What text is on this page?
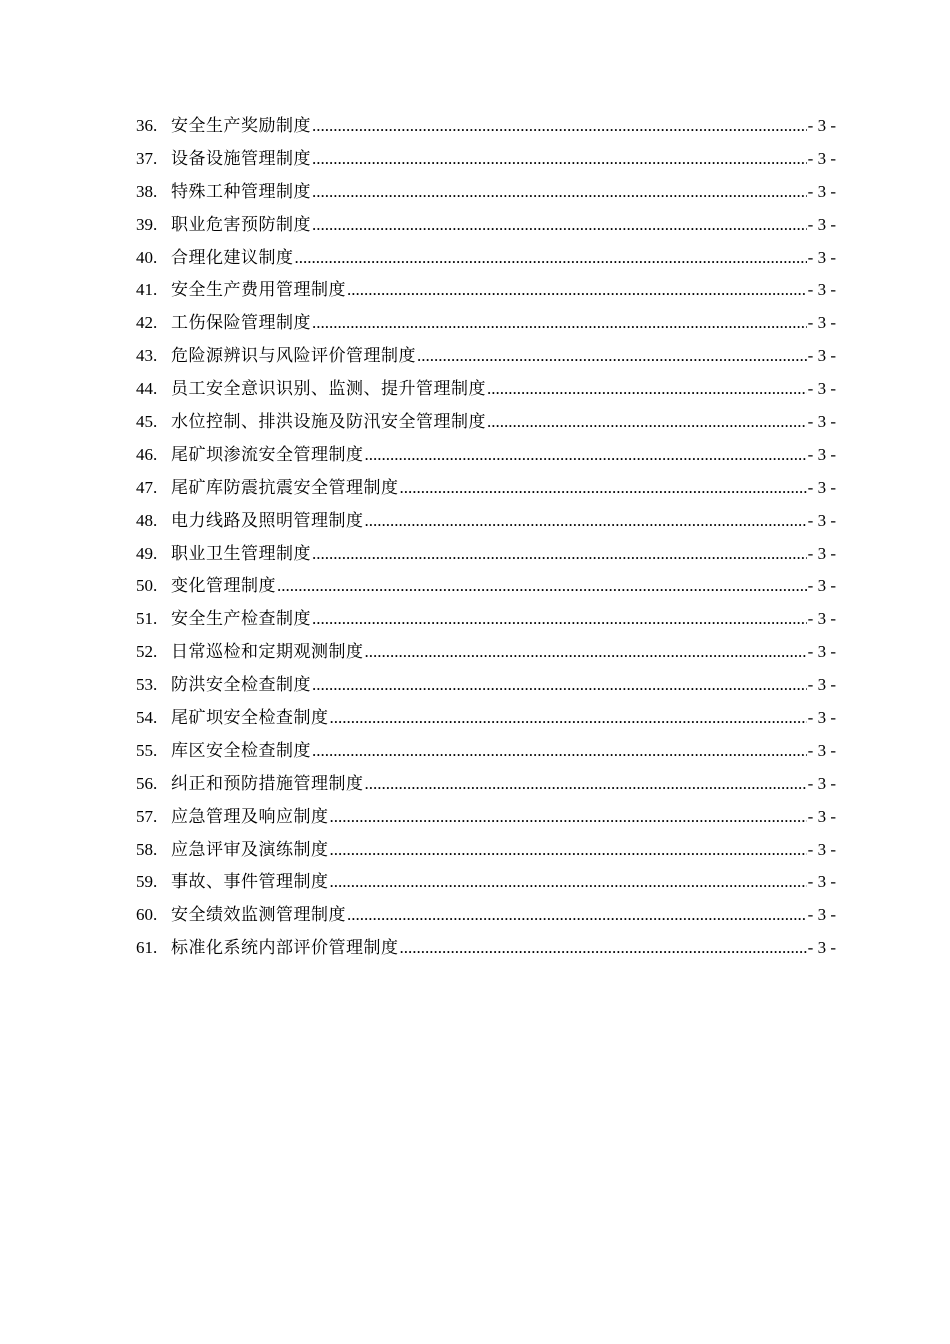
36. 安全生产奖励制度 .....	- 3 -
37. 设备设施管理制度 .....	- 3 -
38. 特殊工种管理制度 .....	- 3 -
39. 职业危害预防制度 .....	- 3 -
40. 合理化建议制度 .....	- 3 -
41. 安全生产费用管理制度 .....	- 3 -
42. 工伤保险管理制度 .....	- 3 -
43. 危险源辨识与风险评价管理制度 .....	- 3 -
44. 员工安全意识识别、监测、提升管理制度 .....	- 3 -
45. 水位控制、排洪设施及防汛安全管理制度 .....	- 3 -
46. 尾矿坝渗流安全管理制度 .....	- 3 -
47. 尾矿库防震抗震安全管理制度 .....	- 3 -
48. 电力线路及照明管理制度 .....	- 3 -
49. 职业卫生管理制度 .....	- 3 -
50. 变化管理制度 .....	- 3 -
51. 安全生产检查制度 .....	- 3 -
52. 日常巡检和定期观测制度 .....	- 3 -
53. 防洪安全检查制度 .....	- 3 -
54. 尾矿坝安全检查制度 .....	- 3 -
55. 库区安全检查制度 .....	- 3 -
56. 纠正和预防措施管理制度 .....	- 3 -
57. 应急管理及响应制度 .....	- 3 -
58. 应急评审及演练制度 .....	- 3 -
59. 事故、事件管理制度 .....	- 3 -
60. 安全绩效监测管理制度 .....	- 3 -
61. 标准化系统内部评价管理制度 .....	- 3 -
